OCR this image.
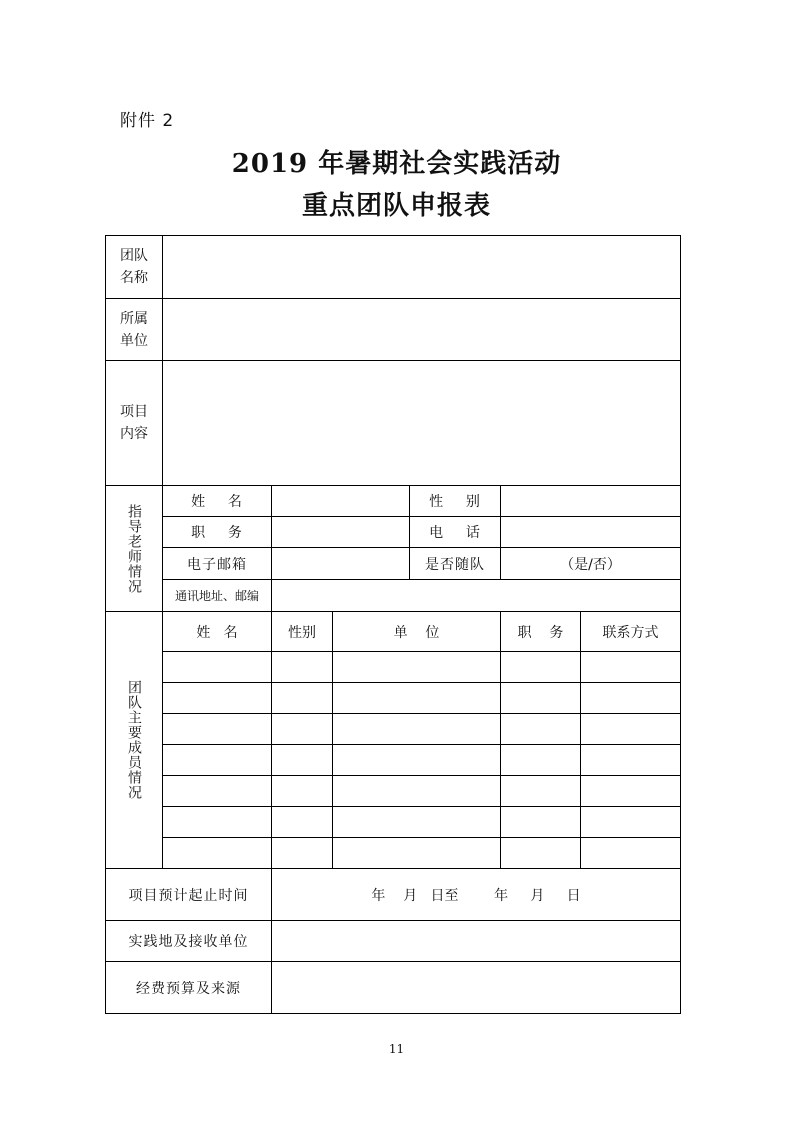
附件 2
2019 年暑期社会实践活动
重点团队申报表
团队
名称						
所属
单位						
项目
内容						
指导老师情况	姓    名			性    别		
	职    务			电    话		
	电子邮箱			是否随队	（是/否）	
	通讯地址、邮编					
团队主要成员情况	姓   名	性别	单    位		职    务	联系方式

项目预计起止时间		年    月   日至        年     月     日				
实践地及接收单位						
经费预算及来源						
11
